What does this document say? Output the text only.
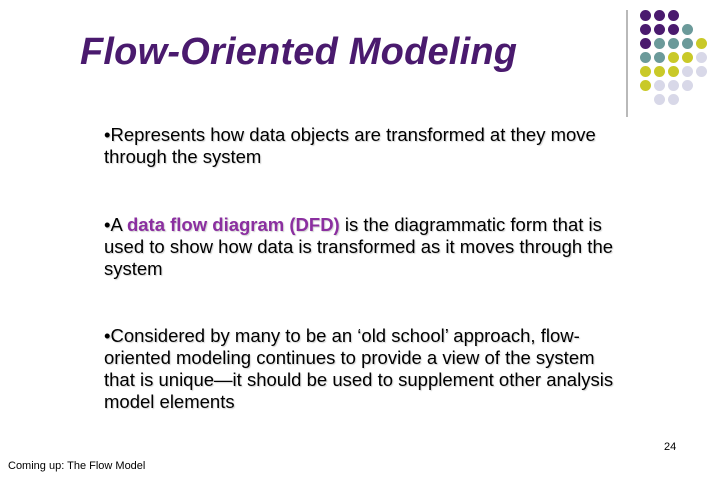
Flow-Oriented Modeling

•Represents how data objects are transformed at they move through the system

•A data flow diagram (DFD) is the diagrammatic form that is used to show how data is transformed as it moves through the system

•Considered by many to be an ‘old school’ approach, flow-oriented modeling continues to provide a view of the system that is unique—it should be used to supplement other analysis model elements

24
Coming up: The Flow Model
